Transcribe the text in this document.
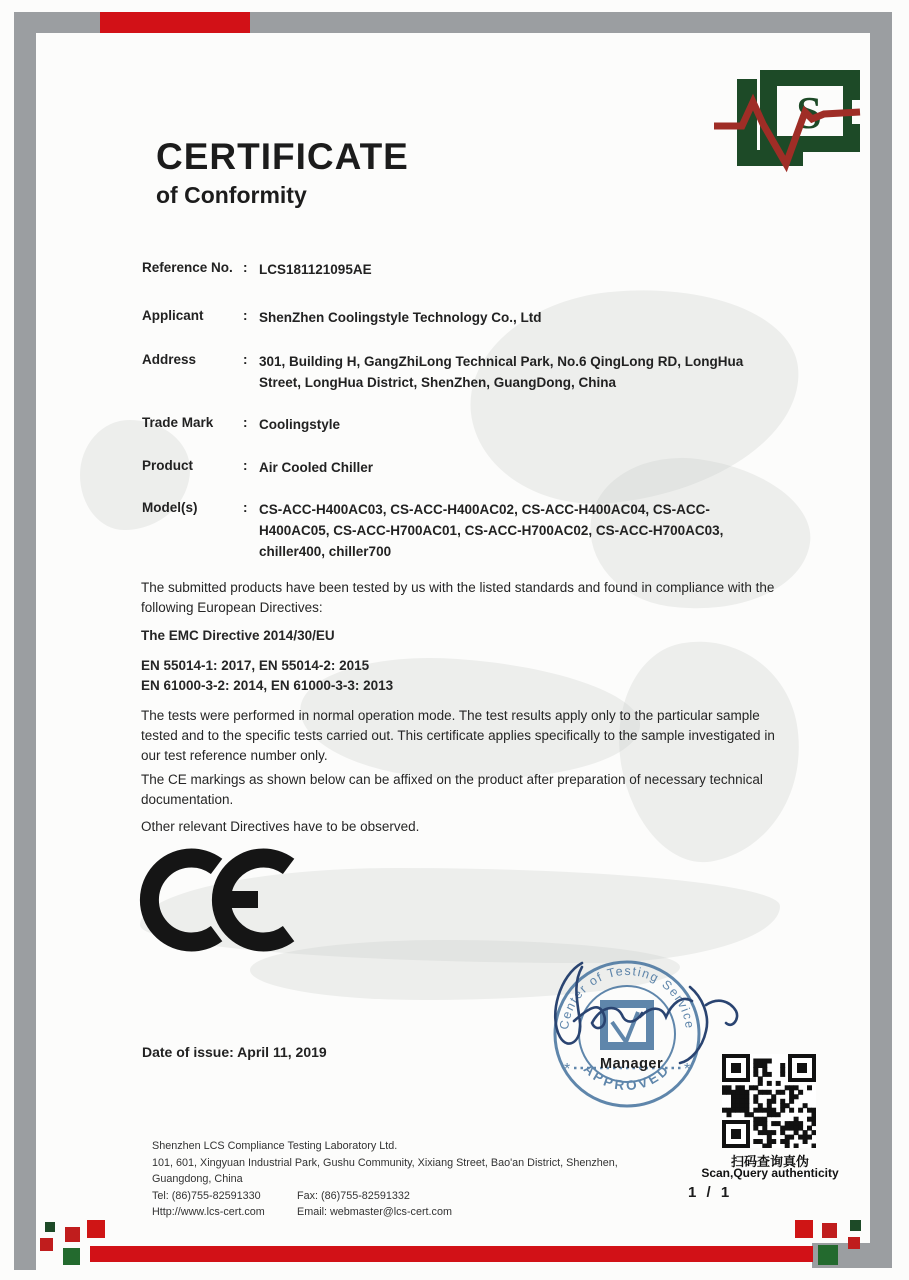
S
CERTIFICATE
of Conformity
Reference No. : LCS181121095AE
Applicant	: ShenZhen Coolingstyle Technology Co., Ltd
Address	: 301, Building H, GangZhiLong Technical Park, No.6 QingLong RD, LongHua Street, LongHua District, ShenZhen, GuangDong, China
Trade Mark	: Coolingstyle
Product	: Air Cooled Chiller
Model(s)	: CS-ACC-H400AC03, CS-ACC-H400AC02, CS-ACC-H400AC04, CS-ACC-H400AC05, CS-ACC-H700AC01, CS-ACC-H700AC02, CS-ACC-H700AC03, chiller400, chiller700
The submitted products have been tested by us with the listed standards and found in compliance with the following European Directives:
The EMC Directive 2014/30/EU
EN 55014-1: 2017, EN 55014-2: 2015
EN 61000-3-2: 2014, EN 61000-3-3: 2013
The tests were performed in normal operation mode. The test results apply only to the particular sample tested and to the specific tests carried out. This certificate applies specifically to the sample investigated in our test reference number only.
The CE markings as shown below can be affixed on the product after preparation of necessary technical documentation.
Other relevant Directives have to be observed.
Date of issue: April 11, 2019
Manager
Center of Testing Service
APPROVED
*	*
扫码查询真伪
Scan,Query authenticity
1 / 1
Shenzhen LCS Compliance Testing Laboratory Ltd.
101, 601, Xingyuan Industrial Park, Gushu Community, Xixiang Street, Bao'an District, Shenzhen,
Guangdong, China
Tel: (86)755-82591330	Fax: (86)755-82591332
Http://www.lcs-cert.com	Email: webmaster@lcs-cert.com
